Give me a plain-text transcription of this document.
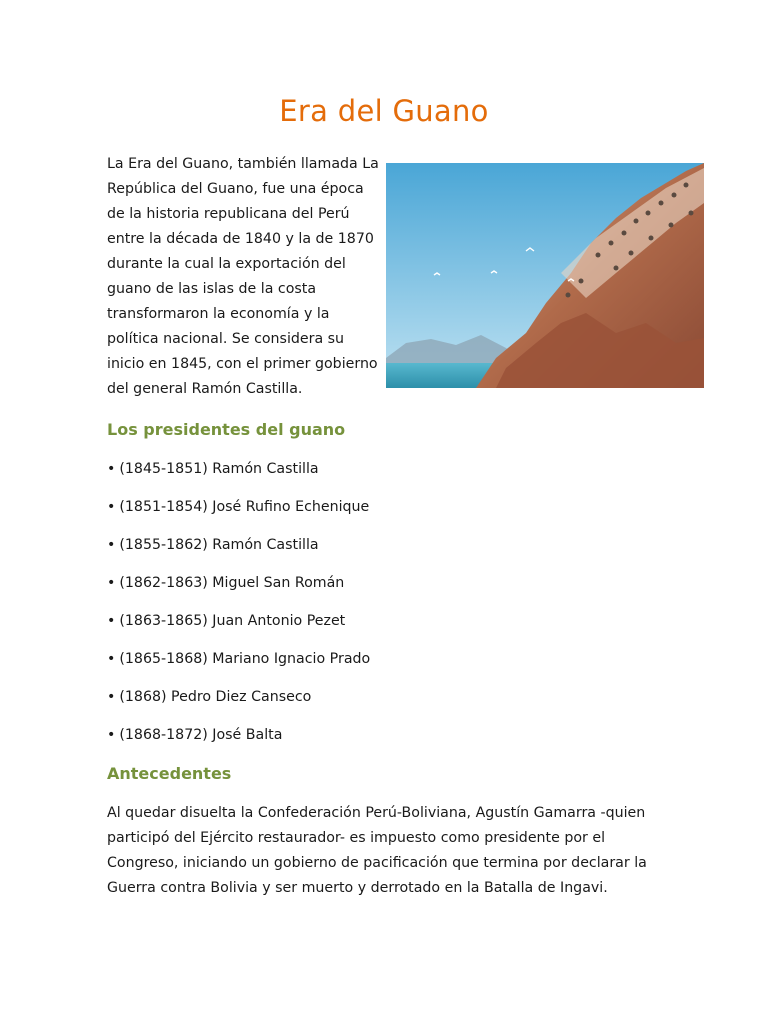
Era del Guano

La Era del Guano, también llamada La República del Guano, fue una época de la historia republicana del Perú entre la década de 1840 y la de 1870 durante la cual la exportación del guano de las islas de la costa transformaron la economía y la política nacional. Se considera su inicio en 1845, con el primer gobierno del general Ramón Castilla.

Los presidentes del guano
• (1845-1851) Ramón Castilla
• (1851-1854) José Rufino Echenique
• (1855-1862) Ramón Castilla
• (1862-1863) Miguel San Román
• (1863-1865) Juan Antonio Pezet
• (1865-1868) Mariano Ignacio Prado
• (1868) Pedro Diez Canseco
• (1868-1872) José Balta
Antecedentes

Al quedar disuelta la Confederación Perú-Boliviana, Agustín Gamarra -quien participó del Ejército restaurador- es impuesto como presidente por el Congreso, iniciando un gobierno de pacificación que termina por declarar la Guerra contra Bolivia y ser muerto y derrotado en la Batalla de Ingavi.
